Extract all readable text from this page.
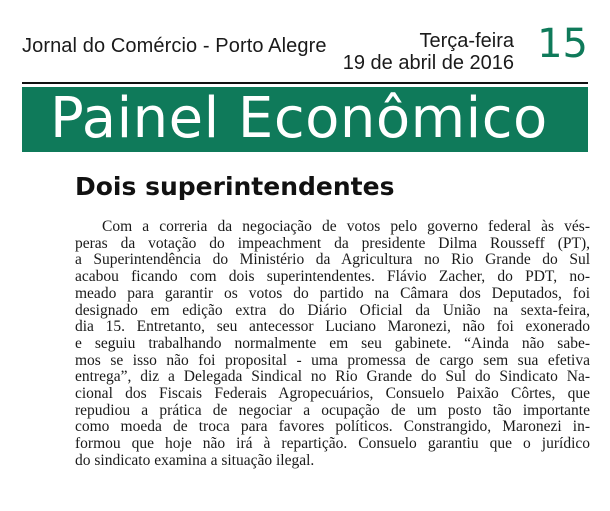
Jornal do Comércio - Porto Alegre	Terça-feira
19 de abril de 2016 15
Painel Econômico
Dois superintendentes
Com a correria da negociação de votos pelo governo federal às vés-
peras da votação do impeachment da presidente Dilma Rousseff (PT),
a Superintendência do Ministério da Agricultura no Rio Grande do Sul
acabou ficando com dois superintendentes. Flávio Zacher, do PDT, no-
meado para garantir os votos do partido na Câmara dos Deputados, foi
designado em edição extra do Diário Oficial da União na sexta-feira,
dia 15. Entretanto, seu antecessor Luciano Maronezi, não foi exonerado
e seguiu trabalhando normalmente em seu gabinete. “Ainda não sabe-
mos se isso não foi proposital - uma promessa de cargo sem sua efetiva
entrega”, diz a Delegada Sindical no Rio Grande do Sul do Sindicato Na-
cional dos Fiscais Federais Agropecuários, Consuelo Paixão Côrtes, que
repudiou a prática de negociar a ocupação de um posto tão importante
como moeda de troca para favores políticos. Constrangido, Maronezi in-
formou que hoje não irá à repartição. Consuelo garantiu que o jurídico
do sindicato examina a situação ilegal.
